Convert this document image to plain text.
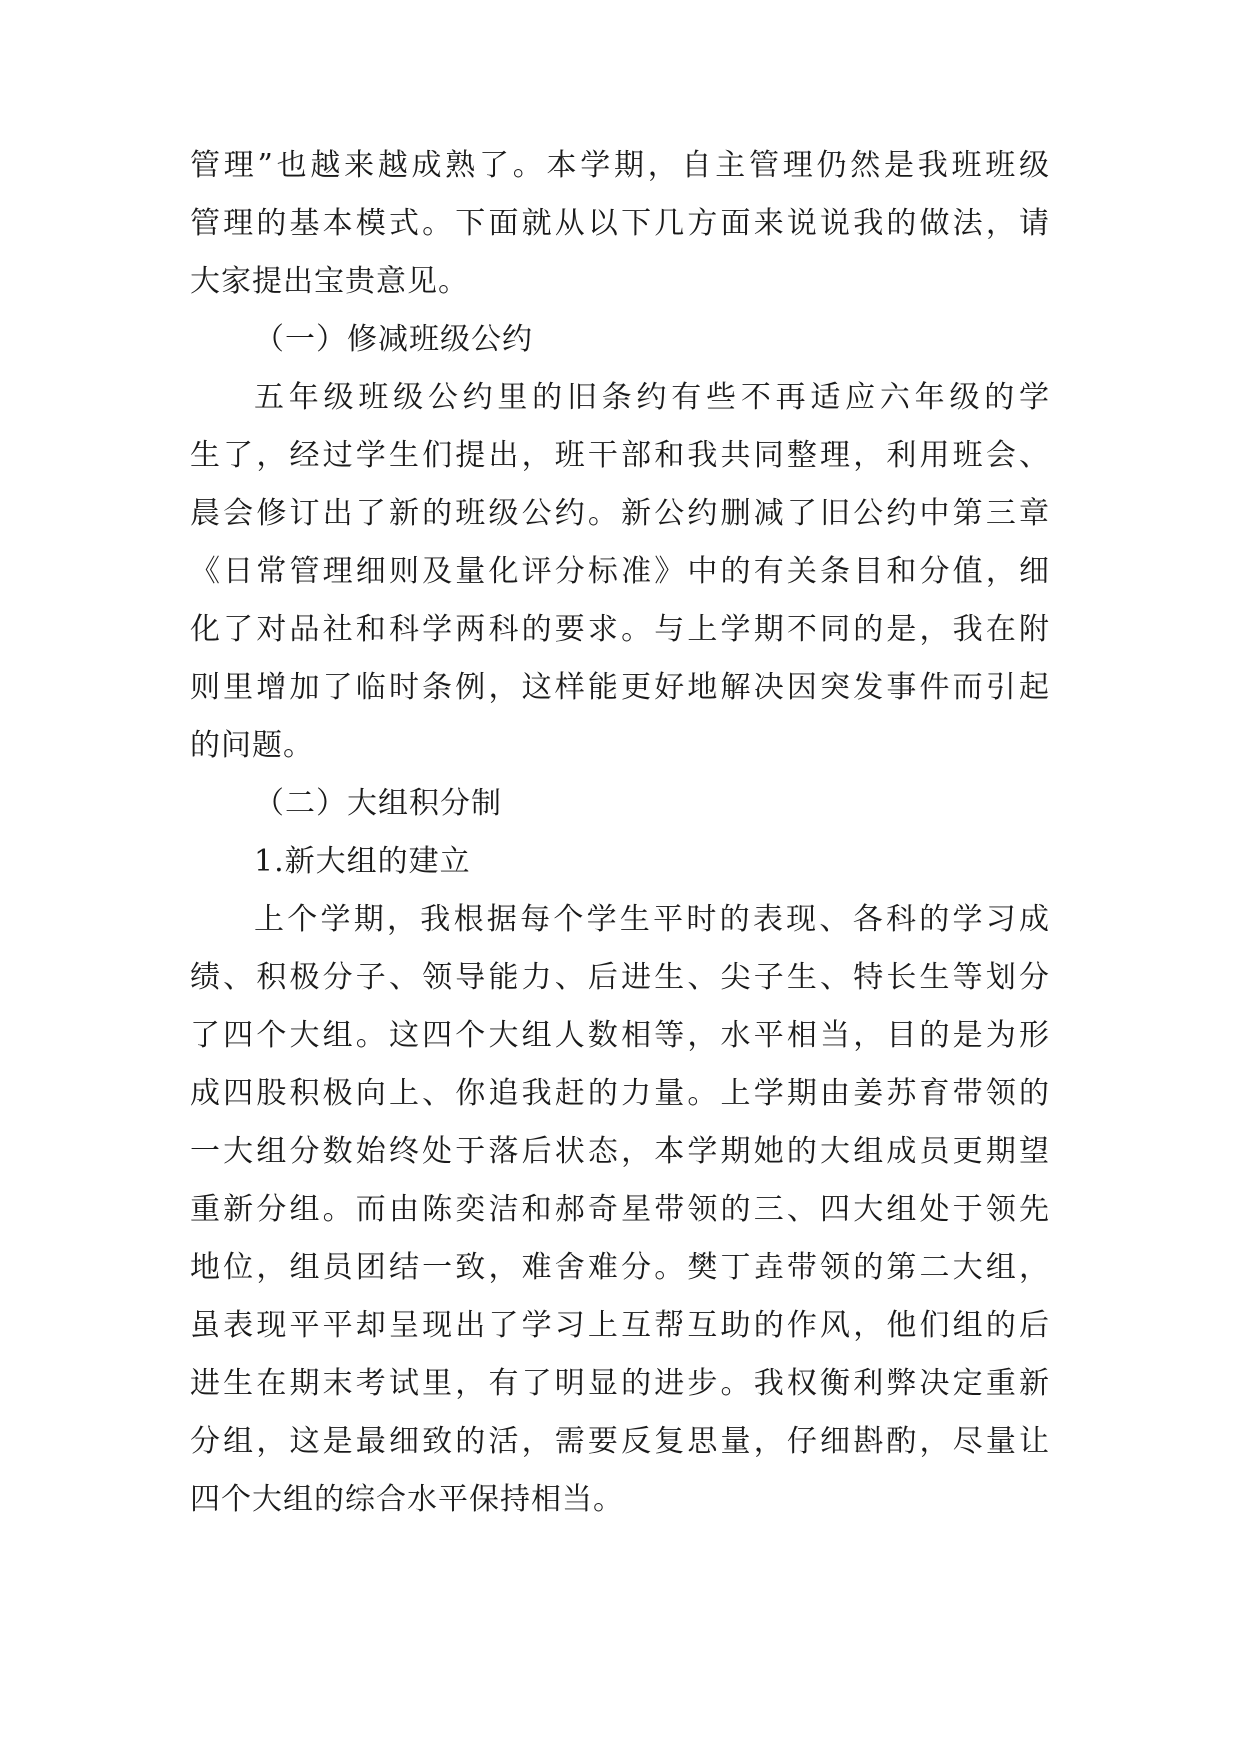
管理”也越来越成熟了。本学期，自主管理仍然是我班班级
管理的基本模式。下面就从以下几方面来说说我的做法，请
大家提出宝贵意见。
（一）修减班级公约
五年级班级公约里的旧条约有些不再适应六年级的学
生了，经过学生们提出，班干部和我共同整理，利用班会、
晨会修订出了新的班级公约。新公约删减了旧公约中第三章
《日常管理细则及量化评分标准》中的有关条目和分值，细
化了对品社和科学两科的要求。与上学期不同的是，我在附
则里增加了临时条例，这样能更好地解决因突发事件而引起
的问题。
（二）大组积分制
1.新大组的建立
上个学期，我根据每个学生平时的表现、各科的学习成
绩、积极分子、领导能力、后进生、尖子生、特长生等划分
了四个大组。这四个大组人数相等，水平相当，目的是为形
成四股积极向上、你追我赶的力量。上学期由姜苏育带领的
一大组分数始终处于落后状态，本学期她的大组成员更期望
重新分组。而由陈奕洁和郝奇星带领的三、四大组处于领先
地位，组员团结一致，难舍难分。樊丁垚带领的第二大组，
虽表现平平却呈现出了学习上互帮互助的作风，他们组的后
进生在期末考试里，有了明显的进步。我权衡利弊决定重新
分组，这是最细致的活，需要反复思量，仔细斟酌，尽量让
四个大组的综合水平保持相当。
